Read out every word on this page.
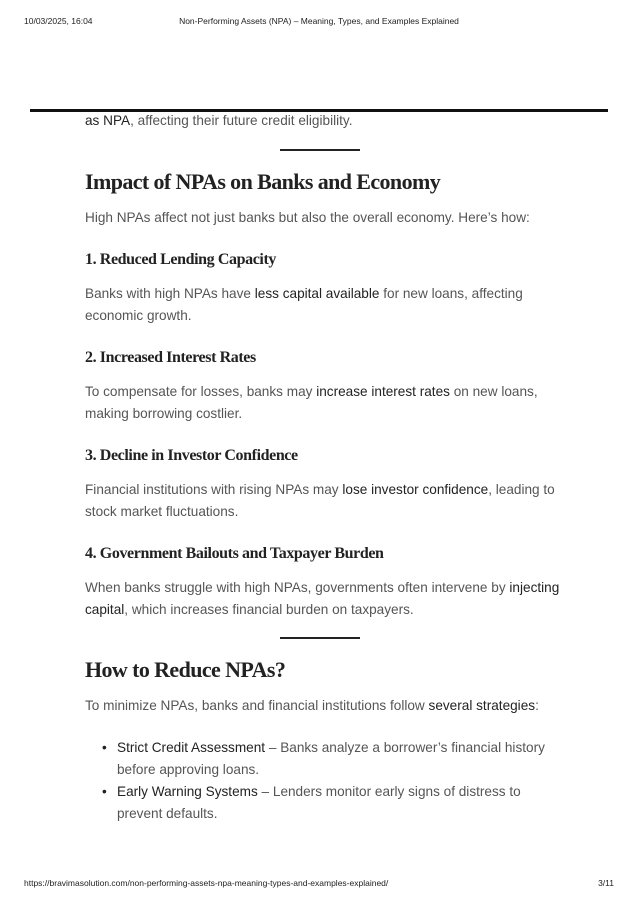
10/03/2025, 16:04	Non-Performing Assets (NPA) – Meaning, Types, and Examples Explained

as NPA, affecting their future credit eligibility.

Impact of NPAs on Banks and Economy

High NPAs affect not just banks but also the overall economy. Here’s how:

1. Reduced Lending Capacity

Banks with high NPAs have less capital available for new loans, affecting economic growth.

2. Increased Interest Rates

To compensate for losses, banks may increase interest rates on new loans, making borrowing costlier.

3. Decline in Investor Confidence

Financial institutions with rising NPAs may lose investor confidence, leading to stock market fluctuations.

4. Government Bailouts and Taxpayer Burden

When banks struggle with high NPAs, governments often intervene by injecting capital, which increases financial burden on taxpayers.

How to Reduce NPAs?

To minimize NPAs, banks and financial institutions follow several strategies:

• Strict Credit Assessment – Banks analyze a borrower’s financial history before approving loans.
• Early Warning Systems – Lenders monitor early signs of distress to prevent defaults.
https://bravimasolution.com/non-performing-assets-npa-meaning-types-and-examples-explained/	3/11
